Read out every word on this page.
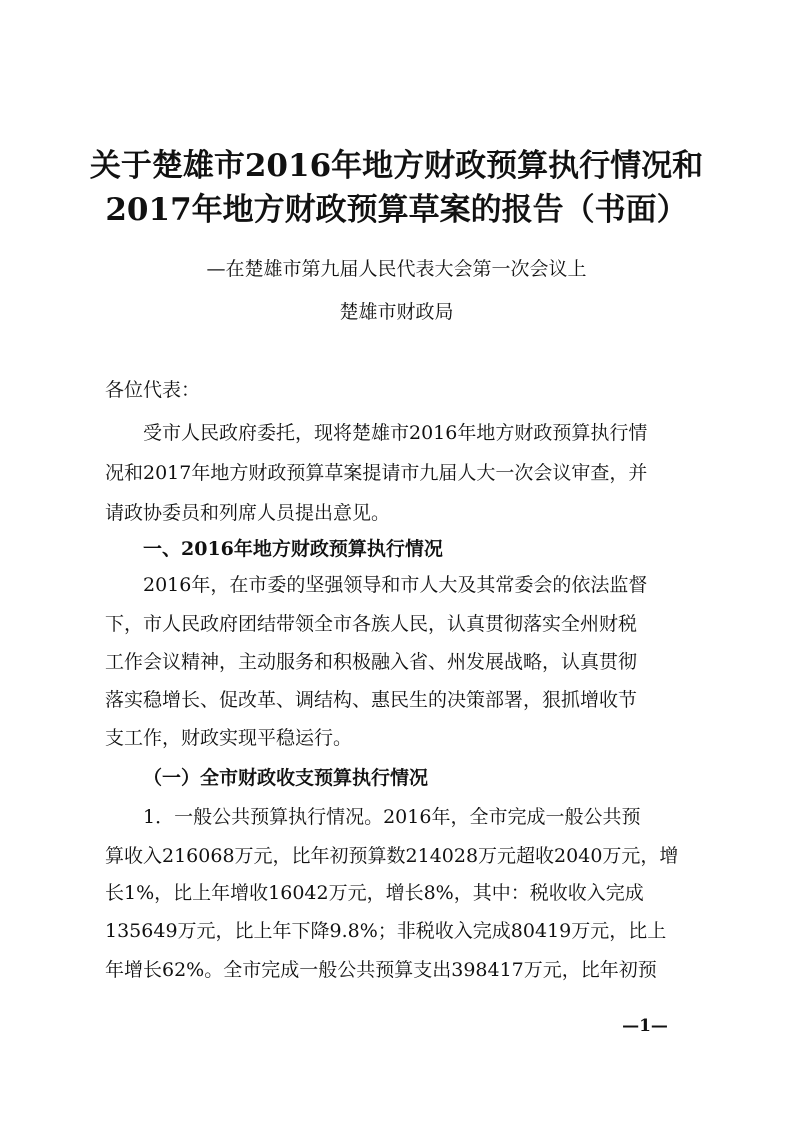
关于楚雄市2016年地方财政预算执行情况和
2017年地方财政预算草案的报告（书面）
—在楚雄市第九届人民代表大会第一次会议上
楚雄市财政局
各位代表：
受市人民政府委托，现将楚雄市2016年地方财政预算执行情
况和2017年地方财政预算草案提请市九届人大一次会议审查，并
请政协委员和列席人员提出意见。
一、2016年地方财政预算执行情况
2016年，在市委的坚强领导和市人大及其常委会的依法监督
下，市人民政府团结带领全市各族人民，认真贯彻落实全州财税
工作会议精神，主动服务和积极融入省、州发展战略，认真贯彻
落实稳增长、促改革、调结构、惠民生的决策部署，狠抓增收节
支工作，财政实现平稳运行。
（一）全市财政收支预算执行情况
1．一般公共预算执行情况。2016年，全市完成一般公共预
算收入216068万元，比年初预算数214028万元超收2040万元，增
长1%，比上年增收16042万元，增长8%，其中：税收收入完成
135649万元，比上年下降9.8%；非税收入完成80419万元，比上
年增长62%。全市完成一般公共预算支出398417万元，比年初预
—1—
